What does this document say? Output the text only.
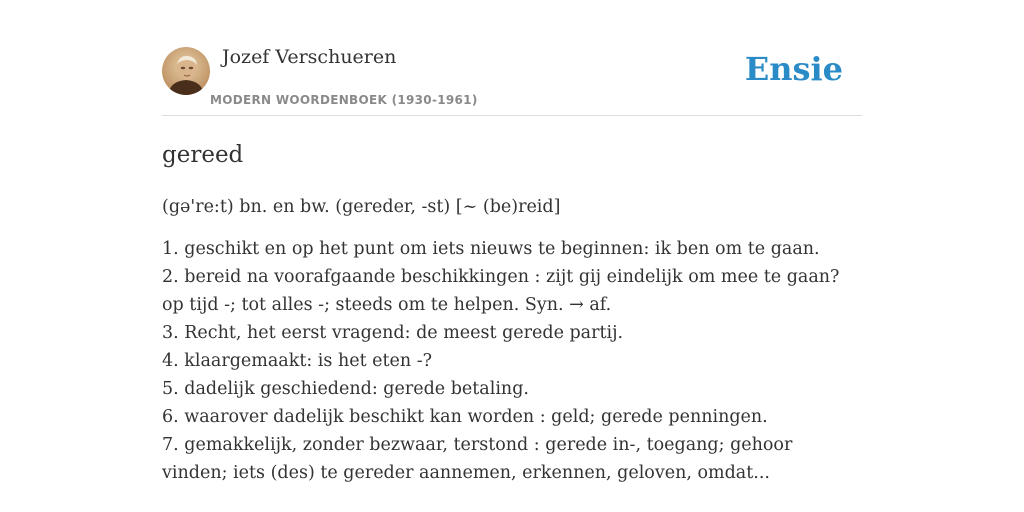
Jozef Verschueren
MODERN WOORDENBOEK (1930-1961)
Ensie
gereed
(gə're:t) bn. en bw. (gereder, -st) [~ (be)reid]
1. geschikt en op het punt om iets nieuws te beginnen: ik ben om te gaan.
2. bereid na voorafgaande beschikkingen : zijt gij eindelijk om mee te gaan? op tijd -; tot alles -; steeds om te helpen. Syn. → af.
3. Recht, het eerst vragend: de meest gerede partij.
4. klaargemaakt: is het eten -?
5. dadelijk geschiedend: gerede betaling.
6. waarover dadelijk beschikt kan worden : geld; gerede penningen.
7. gemakkelijk, zonder bezwaar, terstond : gerede in-, toegang; gehoor vinden; iets (des) te gereder aannemen, erkennen, geloven, omdat...
